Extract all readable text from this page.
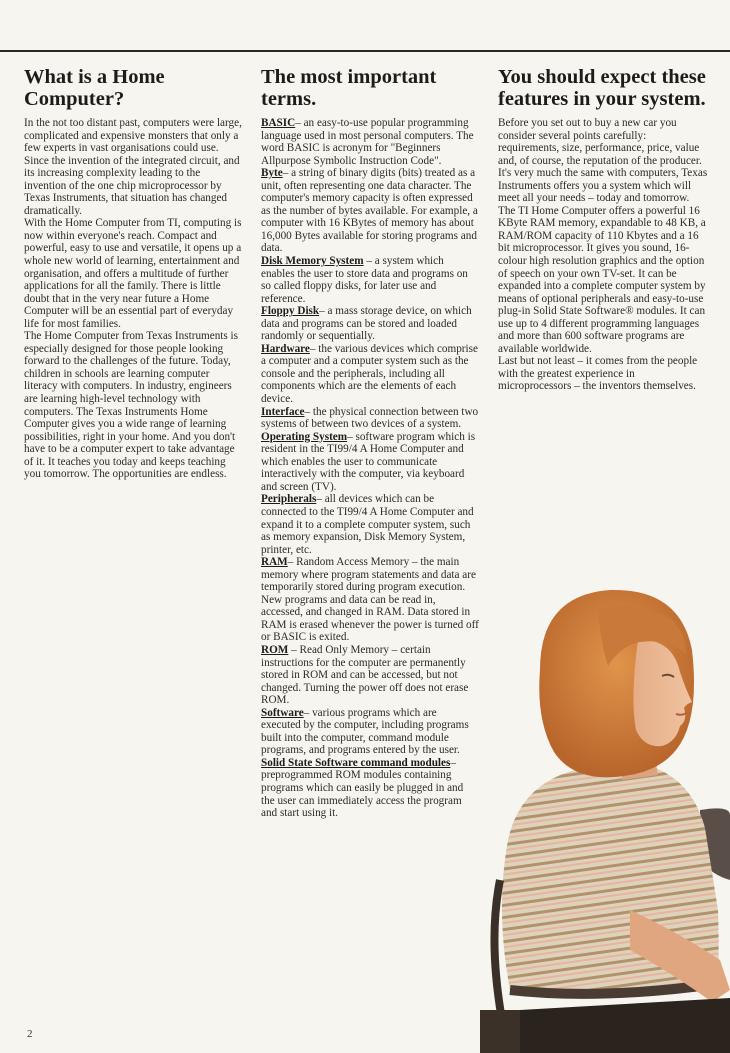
What is a Home Computer?

In the not too distant past, computers were large, complicated and expensive monsters that only a few experts in vast organisations could use. Since the invention of the integrated circuit, and its increasing complexity leading to the invention of the one chip microprocessor by Texas Instruments, that situation has changed dramatically.

With the Home Computer from TI, computing is now within everyone's reach. Compact and powerful, easy to use and versatile, it opens up a whole new world of learning, entertainment and organisation, and offers a multitude of further applications for all the family. There is little doubt that in the very near future a Home Computer will be an essential part of everyday life for most families.

The Home Computer from Texas Instruments is especially designed for those people looking forward to the challenges of the future. Today, children in schools are learning computer literacy with computers. In industry, engineers are learning high-level technology with computers. The Texas Instruments Home Computer gives you a wide range of learning possibilities, right in your home. And you don't have to be a computer expert to take advantage of it. It teaches you today and keeps teaching you tomorrow. The opportunities are endless.

The most important terms.

BASIC– an easy-to-use popular programming language used in most personal computers. The word BASIC is acronym for "Beginners Allpurpose Symbolic Instruction Code".

Byte– a string of binary digits (bits) treated as a unit, often representing one data character. The computer's memory capacity is often expressed as the number of bytes available. For example, a computer with 16 KBytes of memory has about 16,000 Bytes available for storing programs and data.

Disk Memory System – a system which enables the user to store data and programs on so called floppy disks, for later use and reference.

Floppy Disk– a mass storage device, on which data and programs can be stored and loaded randomly or sequentially.

Hardware– the various devices which comprise a computer and a computer system such as the console and the peripherals, including all components which are the elements of each device.

Interface– the physical connection between two systems of between two devices of a system.

Operating System– software program which is resident in the TI99/4 A Home Computer and which enables the user to communicate interactively with the computer, via keyboard and screen (TV).

Peripherals– all devices which can be connected to the TI99/4 A Home Computer and expand it to a complete computer system, such as memory expansion, Disk Memory System, printer, etc.

RAM– Random Access Memory – the main memory where program statements and data are temporarily stored during program execution. New programs and data can be read in, accessed, and changed in RAM. Data stored in RAM is erased whenever the power is turned off or BASIC is exited.

ROM – Read Only Memory – certain instructions for the computer are permanently stored in ROM and can be accessed, but not changed. Turning the power off does not erase ROM.

Software– various programs which are executed by the computer, including programs built into the computer, command module programs, and programs entered by the user.

Solid State Software command modules– preprogrammed ROM modules containing programs which can easily be plugged in and the user can immediately access the program and start using it.

You should expect these features in your system.

Before you set out to buy a new car you consider several points carefully: requirements, size, performance, price, value and, of course, the reputation of the producer. It's very much the same with computers, Texas Instruments offers you a system which will meet all your needs – today and tomorrow.

The TI Home Computer offers a powerful 16 KByte RAM memory, expandable to 48 KB, a RAM/ROM capacity of 110 Kbytes and a 16 bit microprocessor. It gives you sound, 16-colour high resolution graphics and the option of speech on your own TV-set. It can be expanded into a complete computer system by means of optional peripherals and easy-to-use plug-in Solid State Software® modules. It can use up to 4 different programming languages and more than 600 software programs are available worldwide.

Last but not least – it comes from the people with the greatest experience in microprocessors – the inventors themselves.

2
